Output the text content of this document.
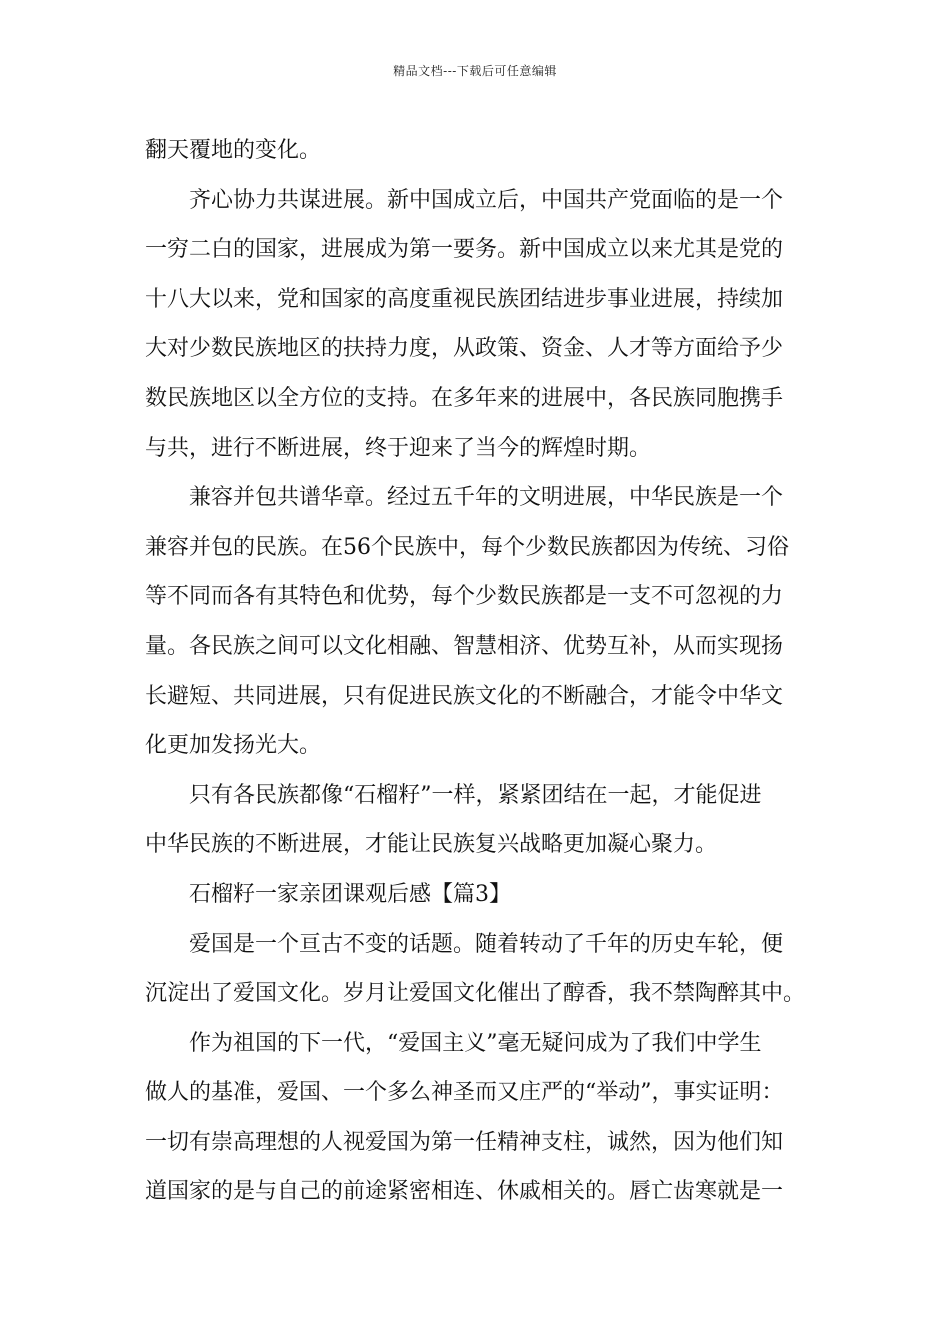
精品文档---下载后可任意编辑
翻天覆地的变化。
齐心协力共谋进展。新中国成立后，中国共产党面临的是一个
一穷二白的国家，进展成为第一要务。新中国成立以来尤其是党的
十八大以来，党和国家的高度重视民族团结进步事业进展，持续加
大对少数民族地区的扶持力度，从政策、资金、人才等方面给予少
数民族地区以全方位的支持。在多年来的进展中，各民族同胞携手
与共，进行不断进展，终于迎来了当今的辉煌时期。
兼容并包共谱华章。经过五千年的文明进展，中华民族是一个
兼容并包的民族。在56个民族中，每个少数民族都因为传统、习俗
等不同而各有其特色和优势，每个少数民族都是一支不可忽视的力
量。各民族之间可以文化相融、智慧相济、优势互补，从而实现扬
长避短、共同进展，只有促进民族文化的不断融合，才能令中华文
化更加发扬光大。
只有各民族都像“石榴籽”一样，紧紧团结在一起，才能促进
中华民族的不断进展，才能让民族复兴战略更加凝心聚力。
石榴籽一家亲团课观后感【篇3】
爱国是一个亘古不变的话题。随着转动了千年的历史车轮，便
沉淀出了爱国文化。岁月让爱国文化催出了醇香，我不禁陶醉其中。
作为祖国的下一代，“爱国主义”毫无疑问成为了我们中学生
做人的基准，爱国、一个多么神圣而又庄严的“举动”，事实证明：
一切有崇高理想的人视爱国为第一任精神支柱，诚然，因为他们知
道国家的是与自己的前途紧密相连、休戚相关的。唇亡齿寒就是一
